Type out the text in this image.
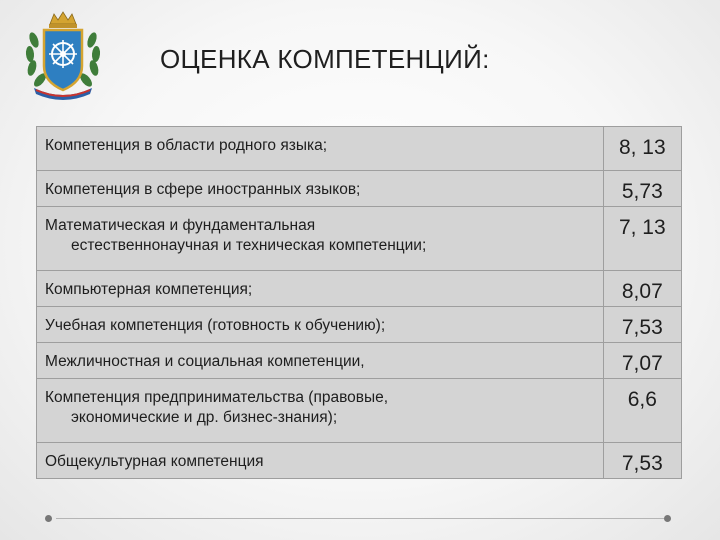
ОЦЕНКА КОМПЕТЕНЦИЙ:
Компетенция в области родного языка;	8, 13
Компетенция в сфере иностранных языков;	5,73
Математическая и фундаментальная
естественнонаучная и техническая компетенции;	7, 13
Компьютерная компетенция;	8,07
Учебная компетенция (готовность к обучению);	7,53
Межличностная и социальная компетенции,	7,07
Компетенция предпринимательства (правовые,
экономические и др. бизнес-знания);	6,6
Общекультурная компетенция	7,53
